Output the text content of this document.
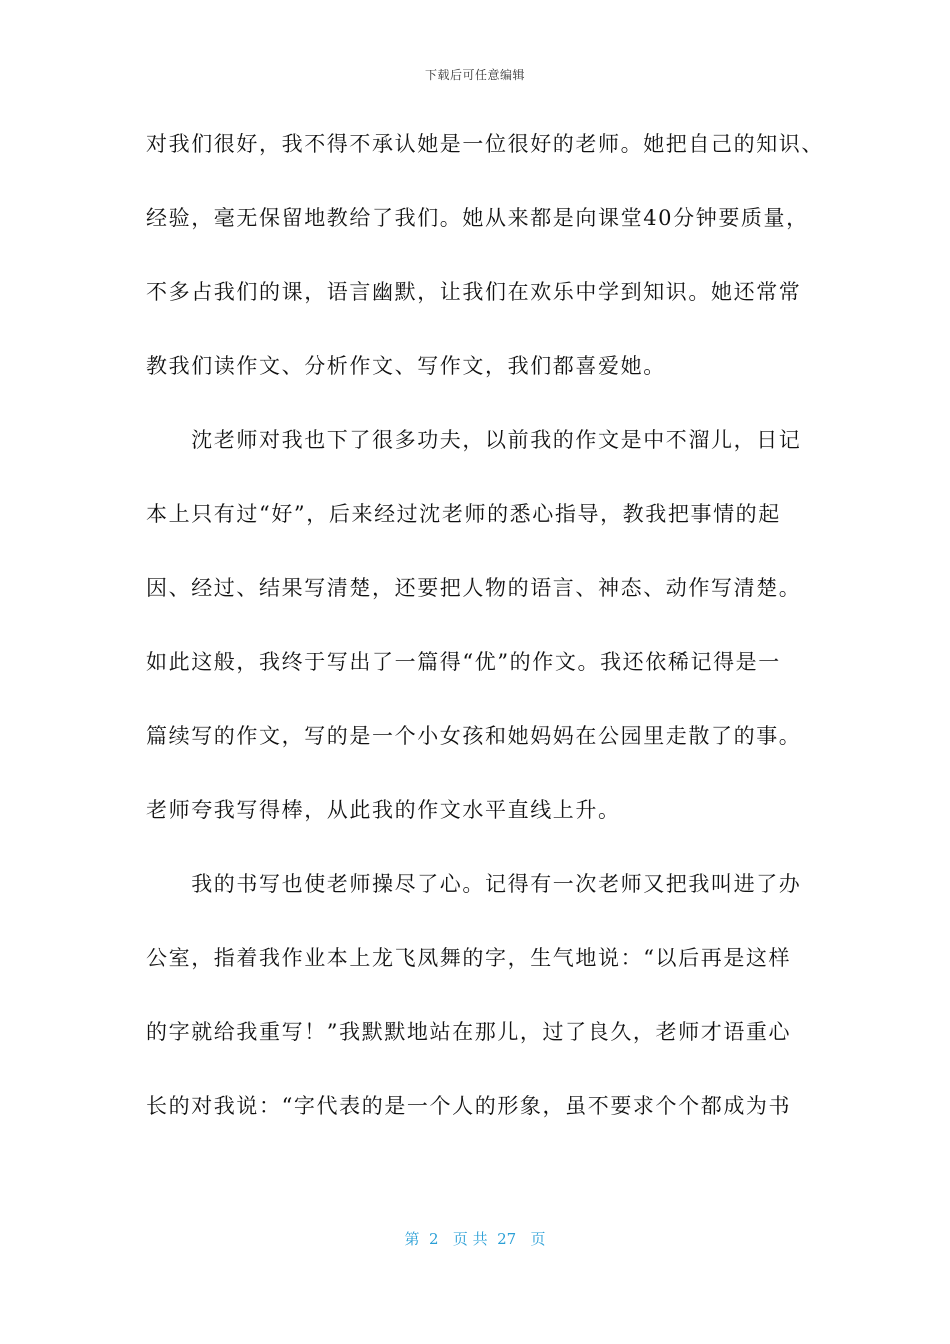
下载后可任意编辑
对我们很好，我不得不承认她是一位很好的老师。她把自己的知识、
经验，毫无保留地教给了我们。她从来都是向课堂40分钟要质量，
不多占我们的课，语言幽默，让我们在欢乐中学到知识。她还常常
教我们读作文、分析作文、写作文，我们都喜爱她。
　　沈老师对我也下了很多功夫，以前我的作文是中不溜儿，日记
本上只有过“好”，后来经过沈老师的悉心指导，教我把事情的起
因、经过、结果写清楚，还要把人物的语言、神态、动作写清楚。
如此这般，我终于写出了一篇得“优”的作文。我还依稀记得是一
篇续写的作文，写的是一个小女孩和她妈妈在公园里走散了的事。
老师夸我写得棒，从此我的作文水平直线上升。
　　我的书写也使老师操尽了心。记得有一次老师又把我叫进了办
公室，指着我作业本上龙飞凤舞的字，生气地说：“以后再是这样
的字就给我重写！”我默默地站在那儿，过了良久，老师才语重心
长的对我说：“字代表的是一个人的形象，虽不要求个个都成为书
第  2   页 共  27   页
